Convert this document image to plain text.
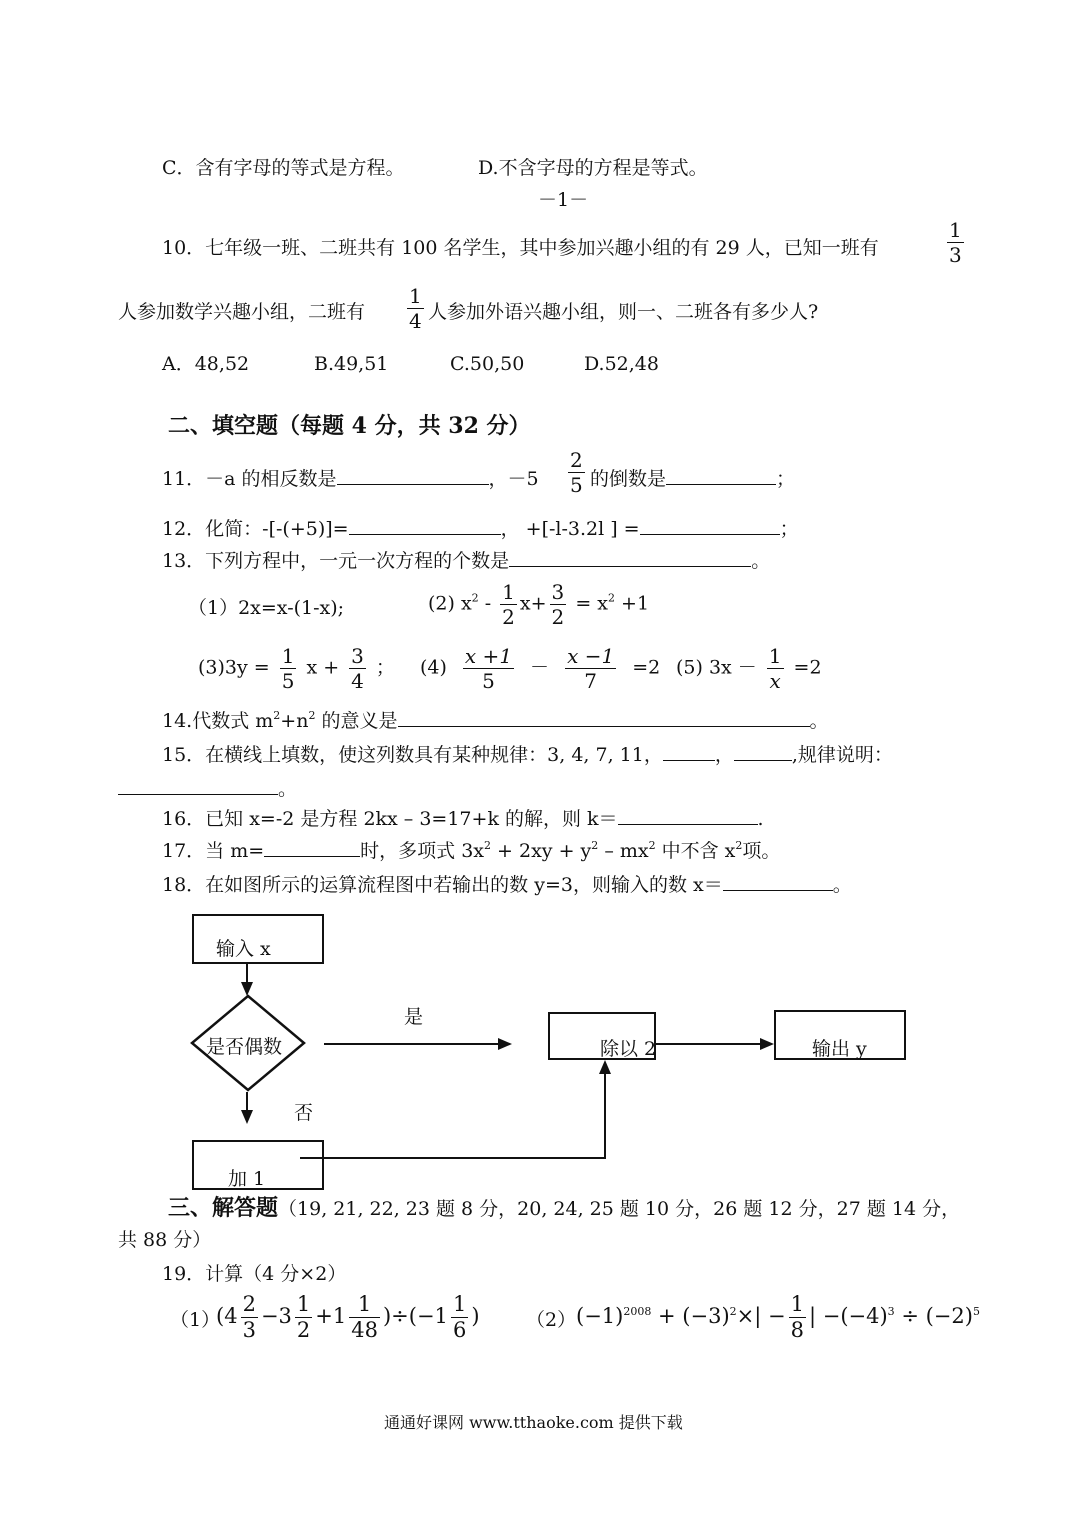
C．含有字母的等式是方程。	D.不含字母的方程是等式。
－1－
10．七年级一班、二班共有 100 名学生，其中参加兴趣小组的有 29 人，已知一班有	$\frac{1}{3}$
人参加数学兴趣小组，二班有 $\frac{1}{4}$ 人参加外语兴趣小组，则一、二班各有多少人?
A．48,52	B.49,51	C.50,50	D.52,48
二、填空题（每题 4 分，共 32 分）
11．－a 的相反数是	，$-5 \frac{2}{5}$ 的倒数是	；
12．化简：-[-(+5)]=	， +[-l-3.2l ] =	；
13．下列方程中，一元一次方程的个数是	。
（1）2x=x-(1-x);	(2) $x^2 - \frac{1}{2} x+ \frac{3}{2} = x^2 +1$
$(3)3y = \frac{1}{5}$ $x + \frac{3}{4}$ ； $(4) \frac{x +1}{5} - \frac{x -1}{7} =2$ (5) $3x - \frac{1}{x} =2$
14.代数式 $m^2+n^2$ 的意义是	。
15．在横线上填数，使这列数具有某种规律：3, 4, 7, 11，	，	,规律说明：
。
16．已知 x=-2 是方程 2kx – 3=17+k 的解，则 k＝	.
17．当 m=	时，多项式 $3x^2 + 2xy + y^2 - mx^2$ 中不含 $x^2$项。
18．在如图所示的运算流程图中若输出的数 y=3，则输入的数 x＝	。
输入 x
是否偶数
是
除以 2	输出 y
否
加 1
三、解答题（19, 21, 22, 23 题 8 分，20, 24, 25 题 10 分，26 题 12 分，27 题 14 分，
共 88 分）
19．计算（4 分×2）
（1）
$(4 \frac{2}{3} -3 \frac{1}{2} +1 \frac{1}{48} )\div(-1 \frac{1}{6}$ ) （2） $(-1)^{2008} + (-3)^2\times| - \frac{1}{8}$ | $-(-4)^3 \div (-2)^5$
通通好课网 www.tthaoke.com 提供下载
